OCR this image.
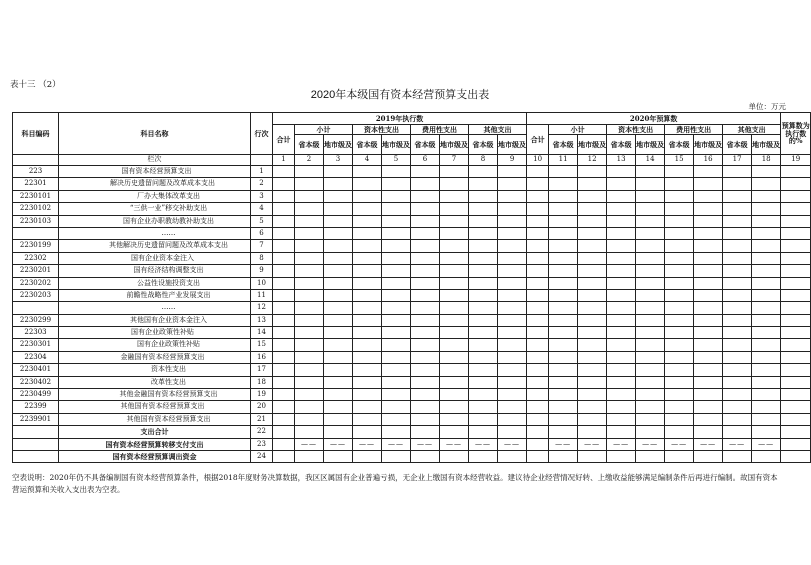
表十三 （2）
2020年本级国有资本经营预算支出表
单位：万元
科目编码	科目名称	行次	2019年执行数									2020年预算数									预算数为执行数的%
			合计	小计		资本性支出		费用性支出		其他支出		合计	小计		资本性支出		费用性支出		其他支出		
				省本级	地市级及	省本级	地市级及	省本级	地市级及	省本级	地市级及		省本级	地市级及	省本级	地市级及	省本级	地市级及	省本级	地市级及	
	栏次		1	2	3	4	5	6	7	8	9	10	11	12	13	14	15	16	17	18	19
223	国有资本经营预算支出	1																			
22301	解决历史遗留问题及改革成本支出	2																			
2230101	厂办大集体改革支出	3																			
2230102	“三供一业”移交补助支出	4																			
2230103	国有企业办职教幼教补助支出	5																			
	……	6																			
2230199	其他解决历史遗留问题及改革成本支出	7																			
22302	国有企业资本金注入	8																			
2230201	国有经济结构调整支出	9																			
2230202	公益性设施投资支出	10																			
2230203	前瞻性战略性产业发展支出	11																			
	……	12																			
2230299	其他国有企业资本金注入	13																			
22303	国有企业政策性补贴	14																			
2230301	国有企业政策性补贴	15																			
22304	金融国有资本经营预算支出	16																			
2230401	资本性支出	17																			
2230402	改革性支出	18																			
2230499	其他金融国有资本经营预算支出	19																			
22399	其他国有资本经营预算支出	20																			
2239901	其他国有资本经营预算支出	21																			
	支出合计	22																			
	国有资本经营预算转移支付支出	23		——	——	——	——	——	——	——	——		——	——	——	——	——	——	——	——	
	国有资本经营预算调出资金	24																			
空表说明：2020年仍不具备编制国有资本经营预算条件，根据2018年度财务决算数据，我区区属国有企业普遍亏损，无企业上缴国有资本经营收益。建议待企业经营情况好转、上缴收益能够满足编制条件后再进行编制。故国有资本营运预算和关收入支出表为空表。
